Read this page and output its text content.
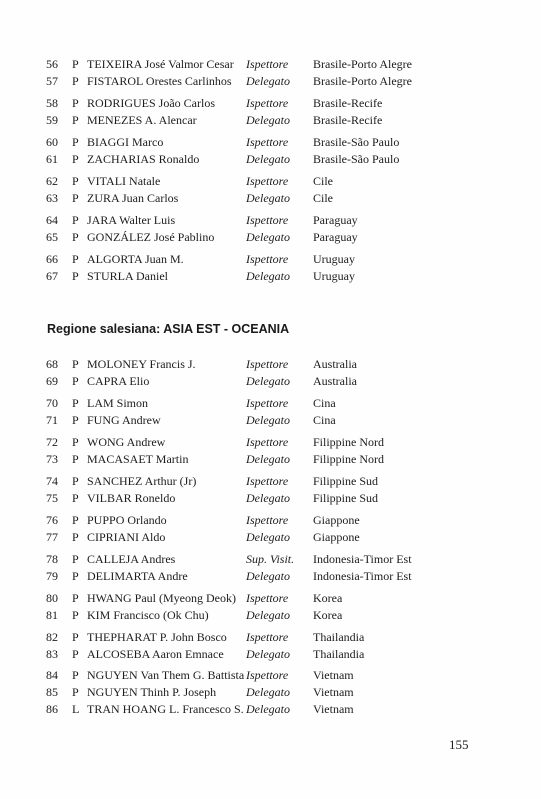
56 P TEIXEIRA José Valmor Cesar Ispettore Brasile-Porto Alegre
57 P FISTAROL Orestes Carlinhos Delegato Brasile-Porto Alegre
58 P RODRIGUES João Carlos	Ispettore Brasile-Recife
59 P MENEZES A. Alencar	Delegato Brasile-Recife
60 P BIAGGI Marco	Ispettore Brasile-São Paulo
61 P ZACHARIAS Ronaldo	Delegato Brasile-São Paulo
62 P VITALI Natale	Ispettore Cile
63 P ZURA Juan Carlos	Delegato Cile
64 P JARA Walter Luis	Ispettore Paraguay
65 P GONZÁLEZ José Pablino	Delegato Paraguay
66 P ALGORTA Juan M.	Ispettore Uruguay
67 P STURLA Daniel	Delegato Uruguay
68 P MOLONEY Francis J.	Ispettore Australia
69 P CAPRA Elio	Delegato Australia
70 P LAM Simon	Ispettore Cina
71 P FUNG Andrew	Delegato Cina
72 P WONG Andrew	Ispettore Filippine Nord
73 P MACASAET Martin	Delegato Filippine Nord
74 P SANCHEZ Arthur (Jr)	Ispettore Filippine Sud
75 P VILBAR Roneldo	Delegato Filippine Sud
76 P PUPPO Orlando	Ispettore Giappone
77 P CIPRIANI Aldo	Delegato Giappone
78 P CALLEJA Andres	Sup. Visit. Indonesia-Timor Est
79 P DELIMARTA Andre	Delegato Indonesia-Timor Est
80 P HWANG Paul (Myeong Deok) Ispettore Korea
81 P KIM Francisco (Ok Chu)	Delegato Korea
82 P THEPHARAT P. John Bosco Ispettore Thailandia
83 P ALCOSEBA Aaron Emnace Delegato Thailandia
84 P NGUYEN Van Them G. Battista Ispettore Vietnam
85 P NGUYEN Thinh P. Joseph Delegato Vietnam
86 L TRAN HOANG L. Francesco S. Delegato Vietnam
Regione salesiana: ASIA EST - OCEANIA
155
